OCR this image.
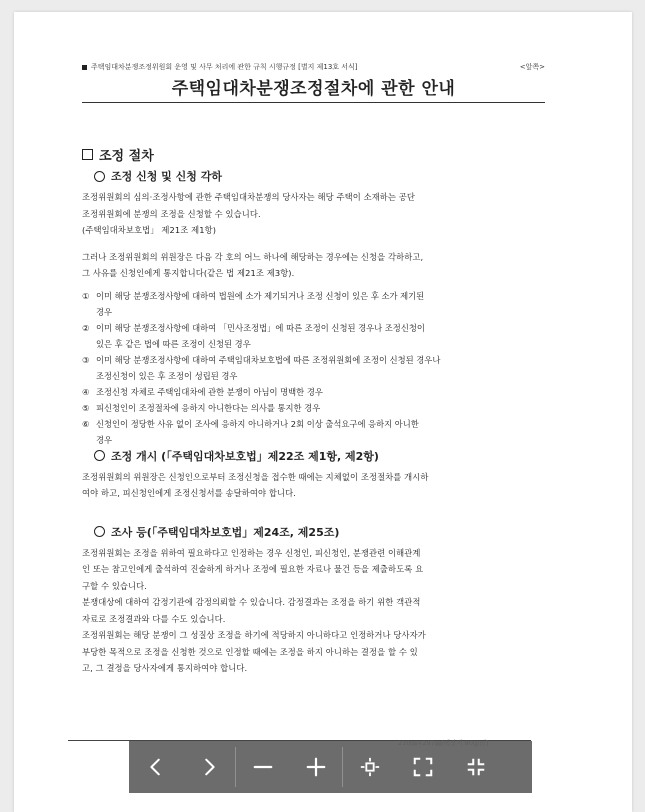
주택임대차분쟁조정위원회 운영 및 사무 처리에 관한 규칙 시행규정 [별지 제13호 서식]	<앞쪽>
주택임대차분쟁조정절차에 관한 안내
조정 절차
조정 신청 및 신청 각하

조정위원회의 심의·조정사항에 관한 주택임대차분쟁의 당사자는 해당 주택이 소재하는 공단

조정위원회에 분쟁의 조정을 신청할 수 있습니다.

(주택임대차보호법」 제21조 제1항)

그러나 조정위원회의 위원장은 다음 각 호의 어느 하나에 해당하는 경우에는 신청을 각하하고,

그 사유를 신청인에게 통지합니다(같은 법 제21조 제3항).

① 이미 해당 분쟁조정사항에 대하여 법원에 소가 제기되거나 조정 신청이 있은 후 소가 제기된
경우
② 이미 해당 분쟁조정사항에 대하여 「민사조정법」에 따른 조정이 신청된 경우나 조정신청이
있은 후 같은 법에 따른 조정이 신청된 경우
③ 이미 해당 분쟁조정사항에 대하여 주택임대차보호법에 따른 조정위원회에 조정이 신청된 경우나
조정신청이 있은 후 조정이 성립된 경우
④ 조정신청 자체로 주택임대차에 관한 분쟁이 아님이 명백한 경우
⑤ 피신청인이 조정절차에 응하지 아니한다는 의사를 통지한 경우
⑥ 신청인이 정당한 사유 없이 조사에 응하지 아니하거나 2회 이상 출석요구에 응하지 아니한
경우
조정 개시 (「주택임대차보호법」제22조 제1항, 제2항)

조정위원회의 위원장은 신청인으로부터 조정신청을 접수한 때에는 지체없이 조정절차를 개시하

여야 하고, 피신청인에게 조정신청서를 송달하여야 합니다.

조사 등(「주택임대차보호법」제24조, 제25조)

조정위원회는 조정을 위하여 필요하다고 인정하는 경우 신청인, 피신청인, 분쟁관련 이해관계

인 또는 참고인에게 출석하여 진술하게 하거나 조정에 필요한 자료나 물건 등을 제출하도록 요

구할 수 있습니다.

분쟁대상에 대하여 감정기관에 감정의뢰할 수 있습니다. 감정결과는 조정을 하기 위한 객관적

자료로 조정결과와 다를 수도 있습니다.

조정위원회는 해당 분쟁이 그 성질상 조정을 하기에 적당하지 아니하다고 인정하거나 당사자가

부당한 목적으로 조정을 신청한 것으로 인정할 때에는 조정을 하지 아니하는 결정을 할 수 있

고, 그 결정을 당사자에게 통지하여야 합니다.
